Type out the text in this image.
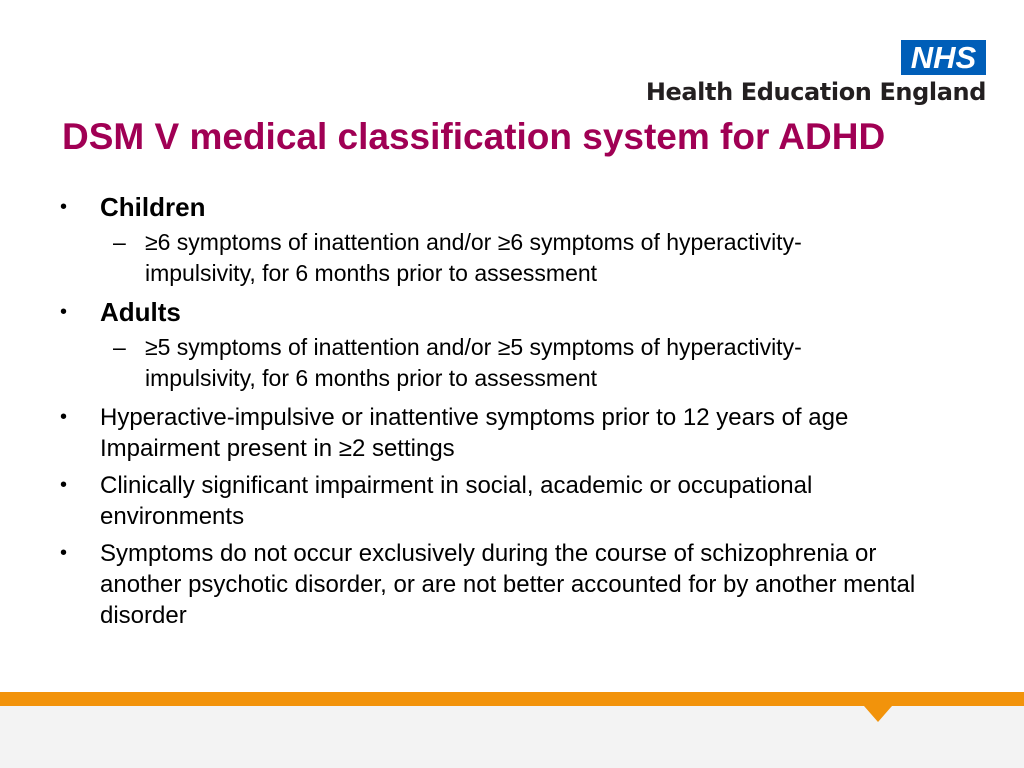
NHS
Health Education England
DSM V medical classification system for ADHD
• Children
– ≥6 symptoms of inattention and/or ≥6 symptoms of hyperactivity-impulsivity, for 6 months prior to assessment
• Adults
– ≥5 symptoms of inattention and/or ≥5 symptoms of hyperactivity-impulsivity, for 6 months prior to assessment
• Hyperactive-impulsive or inattentive symptoms prior to 12 years of age
Impairment present in ≥2 settings
• Clinically significant impairment in social, academic or occupational environments
• Symptoms do not occur exclusively during the course of schizophrenia or another psychotic disorder, or are not better accounted for by another mental disorder
